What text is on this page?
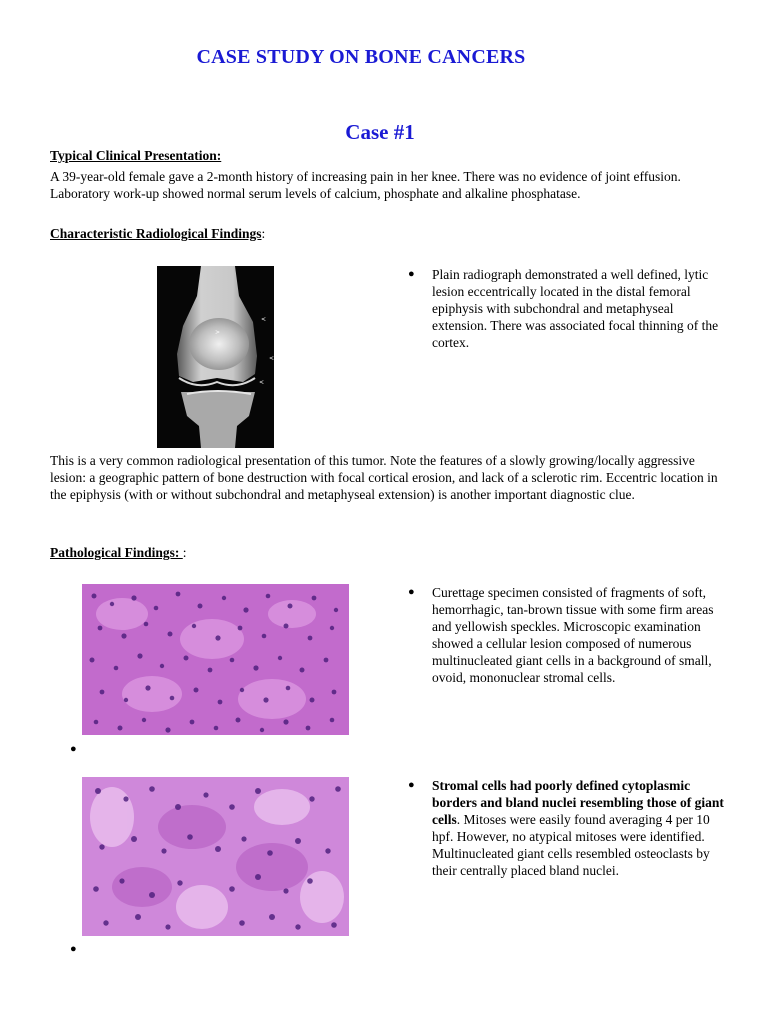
CASE STUDY ON BONE CANCERS
Case #1
Typical Clinical Presentation:
A 39-year-old female gave a 2-month history of increasing pain in her knee. There was no evidence of joint effusion. Laboratory work-up showed normal serum levels of calcium, phosphate and alkaline phosphatase.
Characteristic Radiological Findings:
>
<
<
<
● Plain radiograph demonstrated a well defined, lytic lesion eccentrically located in the distal femoral epiphysis with subchondral and metaphyseal extension. There was associated focal thinning of the cortex.
This is a very common radiological presentation of this tumor. Note the features of a slowly growing/locally aggressive lesion: a geographic pattern of bone destruction with focal cortical erosion, and lack of a sclerotic rim. Eccentric location in the epiphysis (with or without subchondral and metaphyseal extension) is another important diagnostic clue.
Pathological Findings: :
● Curettage specimen consisted of fragments of soft, hemorrhagic, tan-brown tissue with some firm areas and yellowish speckles. Microscopic examination showed a cellular lesion composed of numerous multinucleated giant cells in a background of small, ovoid, mononuclear stromal cells.
●
● Stromal cells had poorly defined cytoplasmic borders and bland nuclei resembling those of giant cells. Mitoses were easily found averaging 4 per 10 hpf. However, no atypical mitoses were identified. Multinucleated giant cells resembled osteoclasts by their centrally placed bland nuclei.
●
